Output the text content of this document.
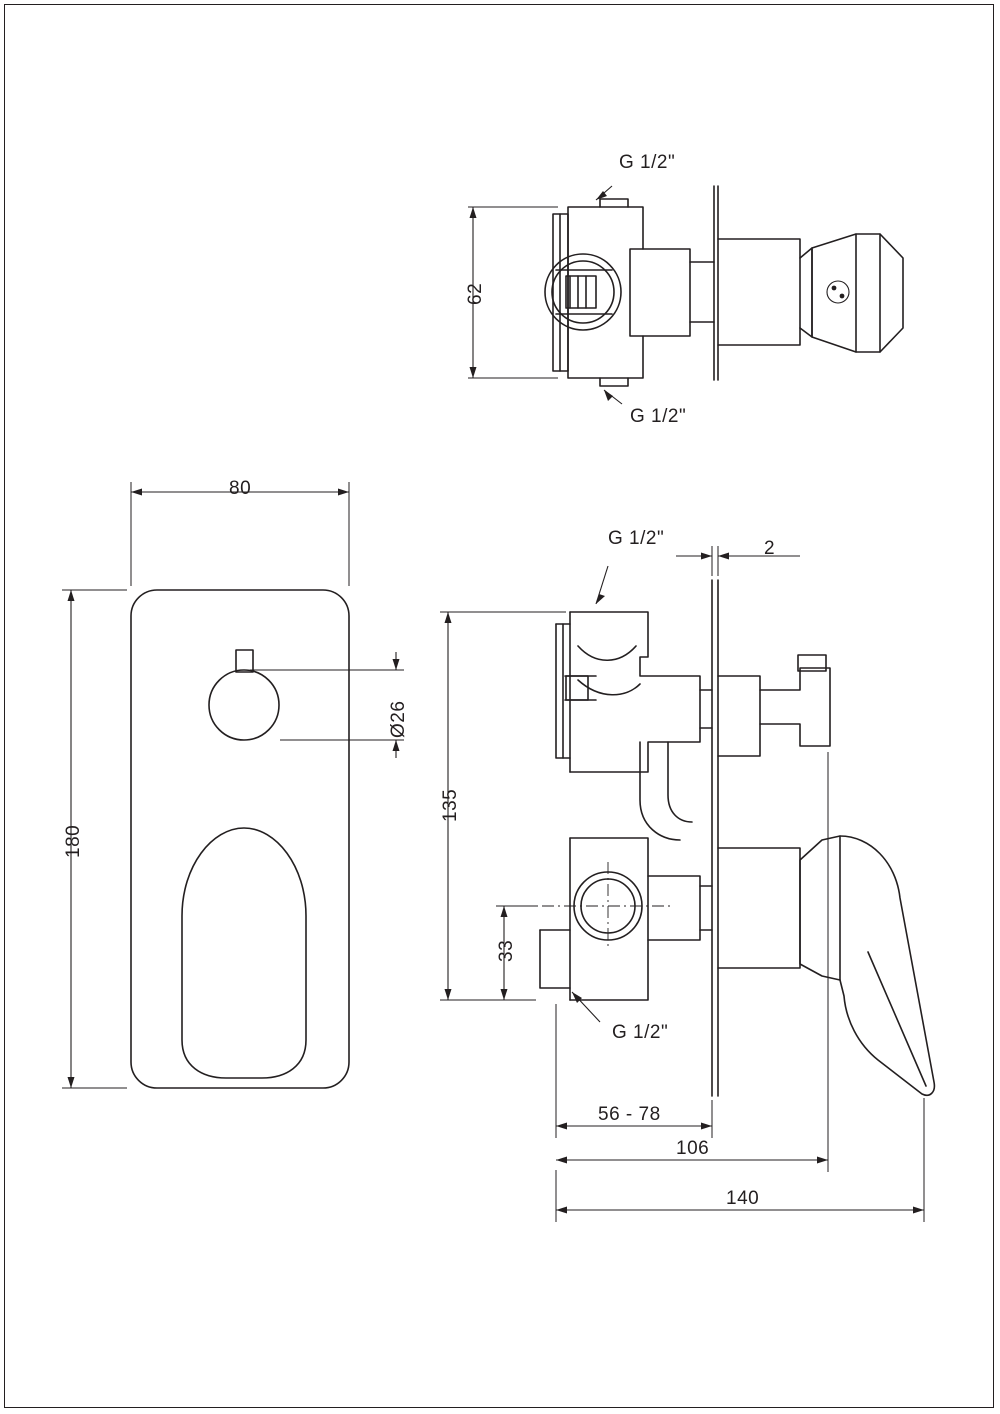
G 1/2"
G 1/2"
62
80
180
Ø26
G 1/2"
G 1/2"
2
135
33
56 - 78
106
140
